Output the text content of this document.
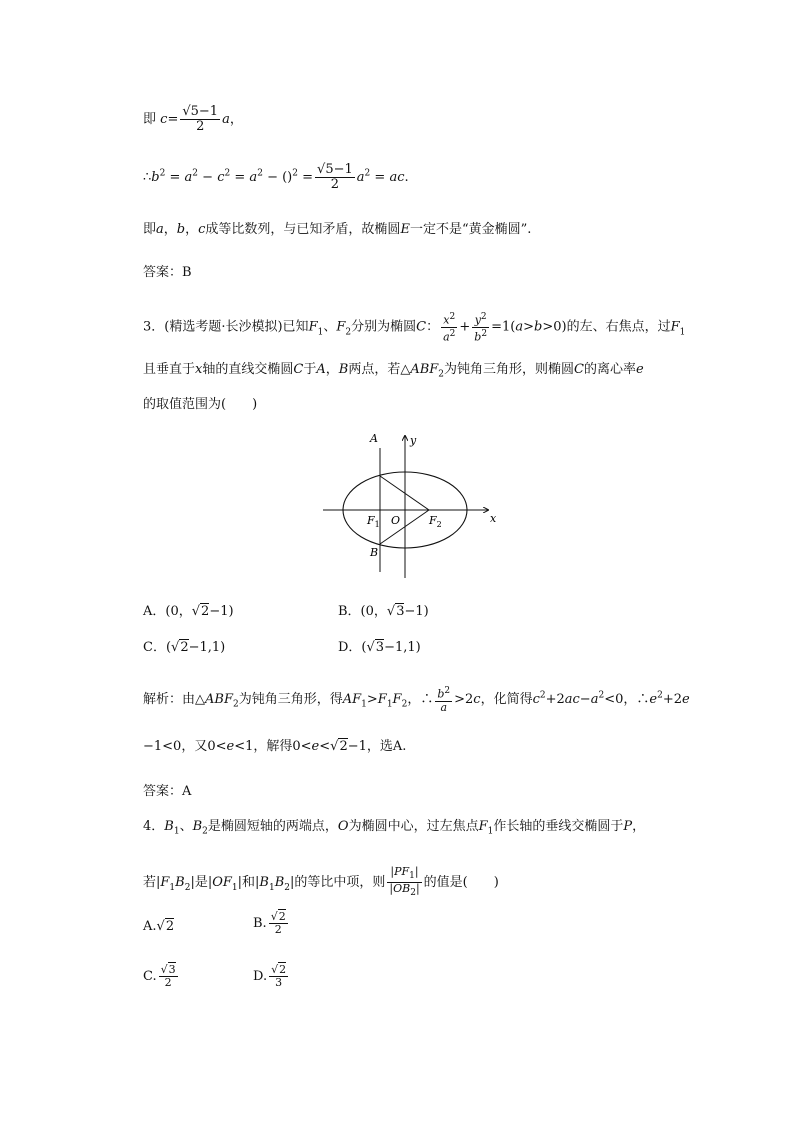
即 $c= \frac{√5-1}{2}$ a，
$\therefore b^2 = a^2 - c^2 = a^2 - ()^2 = \frac{√5-1}{2} a^2$ = ac.
即a，b，c成等比数列，与已知矛盾，故椭圆E一定不是“黄金椭圆”.
答案：B
3．(精选考题·长沙模拟)已知$F_1$、$F_2$分别为椭圆C： $\frac{x^2}{a^2} + \frac{y^2}{b^2} =1(a>b>0)$的左、右焦点，过$F_1$
且垂直于x轴的直线交椭圆C于A，B两点，若$\triangle ABF_2$为钝角三角形，则椭圆C的离心率e
的取值范围为(　　)
y
x
A
B
O
$F_1$	$F_2$
A．(0，√2−1)	B．(0，√3−1)
C．(√2−1,1)	D．(√3−1,1)
解析：由$\triangle ABF_2$为钝角三角形，得$AF_1>F_1F_2$，∴ $\frac{b^2}{a} >2c$，化简得$c^2+2ac-a^2<0$，$\therefore e^2+2e$
−1<0，又0<e<1，解得0<e<√2−1，选A.
答案：A
4．$B_1$、$B_2$是椭圆短轴的两端点，O为椭圆中心，过左焦点$F_1$作长轴的垂线交椭圆于P，
若$|F_1B_2|$是$|OF_1|$和$|B_1B_2|$的等比中项，则 $\frac{|PF_1|}{|OB_2|}$ 的值是(　　)
A.√2	B. $\frac{√2}{2}$
C. $\frac{√3}{2}$	D. $\frac{√2}{3}$
